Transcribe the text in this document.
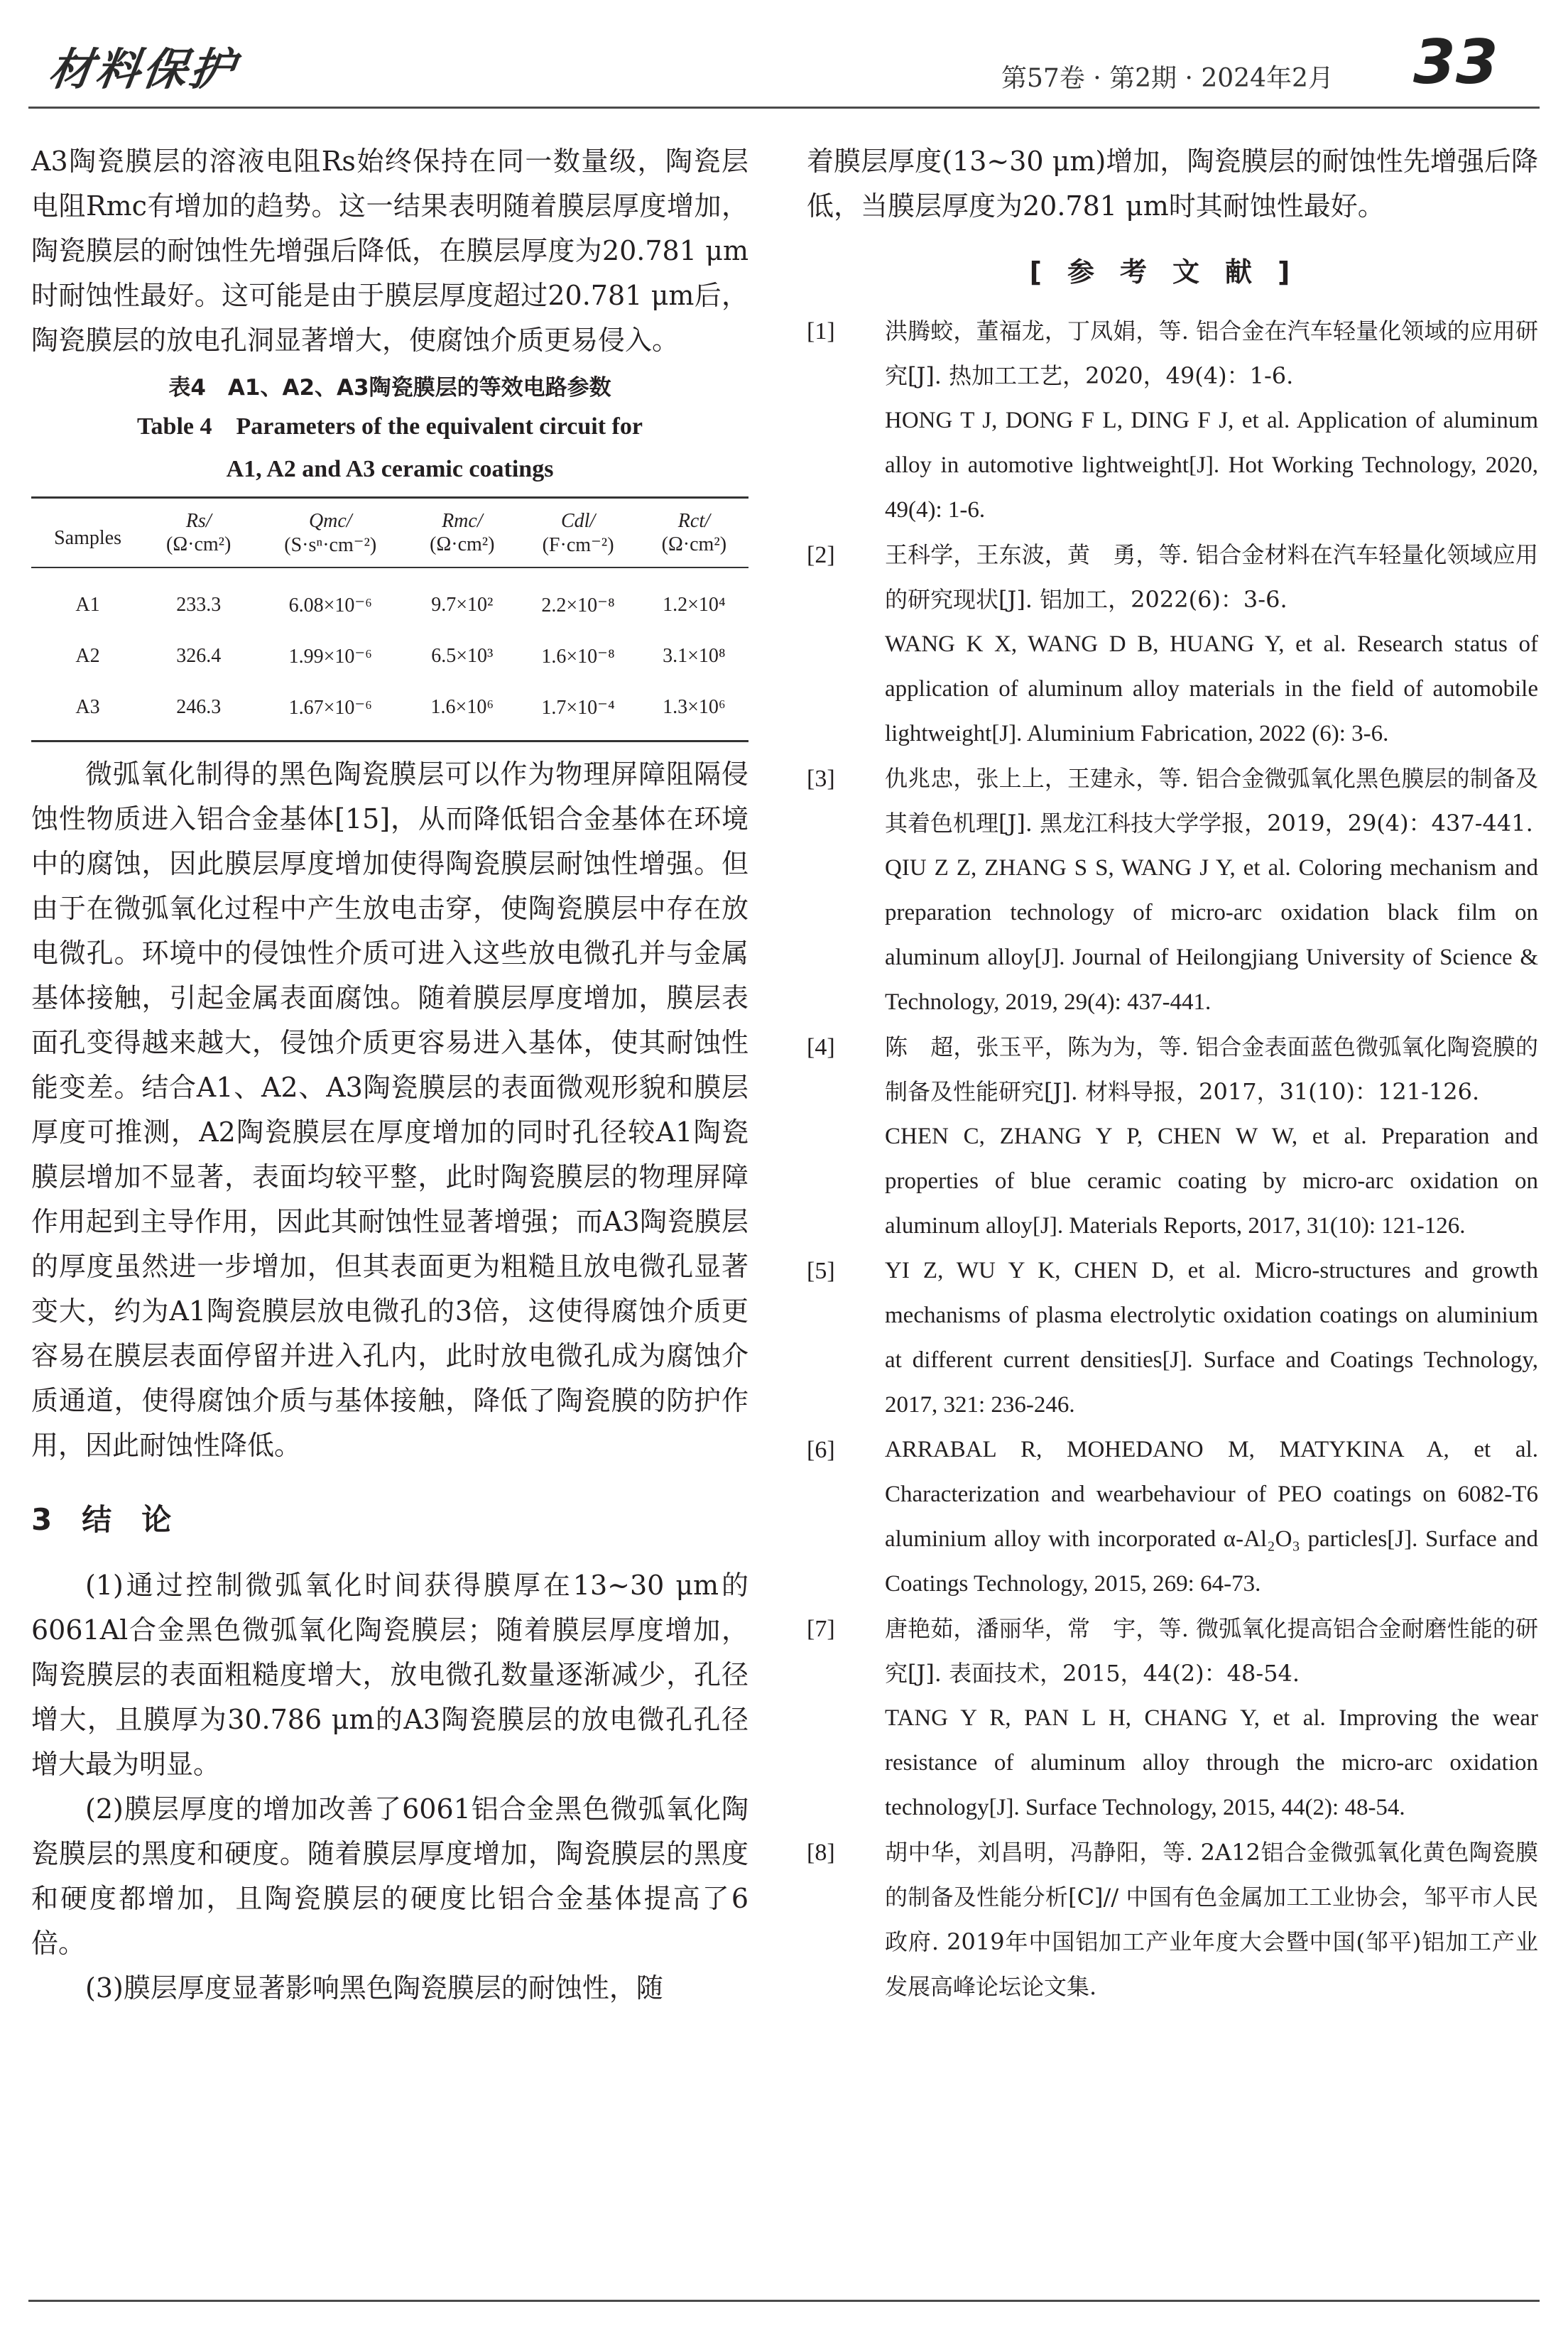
材料保护	第57卷 · 第2期 · 2024年2月 33

A3陶瓷膜层的溶液电阻Rs始终保持在同一数量级，陶瓷层电阻Rmc有增加的趋势。这一结果表明随着膜层厚度增加，陶瓷膜层的耐蚀性先增强后降低，在膜层厚度为20.781 μm时耐蚀性最好。这可能是由于膜层厚度超过20.781 μm后，陶瓷膜层的放电孔洞显著增大，使腐蚀介质更易侵入。

表4　A1、A2、A3陶瓷膜层的等效电路参数
Table 4　Parameters of the equivalent circuit for
A1, A2 and A3 ceramic coatings
Samples	Rs/	Qmc/	Rmc/	Cdl/	Rct/
	(Ω·cm²)	(S·sⁿ·cm⁻²)	(Ω·cm²)	(F·cm⁻²)	(Ω·cm²)
A1	233.3	6.08×10⁻⁶	9.7×10²	2.2×10⁻⁸	1.2×10⁴
A2	326.4	1.99×10⁻⁶	6.5×10³	1.6×10⁻⁸	3.1×10⁸
A3	246.3	1.67×10⁻⁶	1.6×10⁶	1.7×10⁻⁴	1.3×10⁶

微弧氧化制得的黑色陶瓷膜层可以作为物理屏障阻隔侵蚀性物质进入铝合金基体[15]，从而降低铝合金基体在环境中的腐蚀，因此膜层厚度增加使得陶瓷膜层耐蚀性增强。但由于在微弧氧化过程中产生放电击穿，使陶瓷膜层中存在放电微孔。环境中的侵蚀性介质可进入这些放电微孔并与金属基体接触，引起金属表面腐蚀。随着膜层厚度增加，膜层表面孔变得越来越大，侵蚀介质更容易进入基体，使其耐蚀性能变差。结合A1、A2、A3陶瓷膜层的表面微观形貌和膜层厚度可推测，A2陶瓷膜层在厚度增加的同时孔径较A1陶瓷膜层增加不显著，表面均较平整，此时陶瓷膜层的物理屏障作用起到主导作用，因此其耐蚀性显著增强；而A3陶瓷膜层的厚度虽然进一步增加，但其表面更为粗糙且放电微孔显著变大，约为A1陶瓷膜层放电微孔的3倍，这使得腐蚀介质更容易在膜层表面停留并进入孔内，此时放电微孔成为腐蚀介质通道，使得腐蚀介质与基体接触，降低了陶瓷膜的防护作用，因此耐蚀性降低。

3　结　论

(1)通过控制微弧氧化时间获得膜厚在13~30 μm的6061Al合金黑色微弧氧化陶瓷膜层；随着膜层厚度增加，陶瓷膜层的表面粗糙度增大，放电微孔数量逐渐减少，孔径增大，且膜厚为30.786 μm的A3陶瓷膜层的放电微孔孔径增大最为明显。

(2)膜层厚度的增加改善了6061铝合金黑色微弧氧化陶瓷膜层的黑度和硬度。随着膜层厚度增加，陶瓷膜层的黑度和硬度都增加，且陶瓷膜层的硬度比铝合金基体提高了6倍。

(3)膜层厚度显著影响黑色陶瓷膜层的耐蚀性，随

着膜层厚度(13~30 μm)增加，陶瓷膜层的耐蚀性先增强后降低，当膜层厚度为20.781 μm时其耐蚀性最好。

[参考文献]
[1]	洪腾蛟，董福龙，丁凤娟，等. 铝合金在汽车轻量化领域的应用研究[J]. 热加工工艺，2020，49(4)：1-6.
HONG T J, DONG F L, DING F J, et al. Application of aluminum alloy in automotive lightweight[J]. Hot Working Technology, 2020, 49(4): 1-6.
[2]	王科学，王东波，黄　勇，等. 铝合金材料在汽车轻量化领域应用的研究现状[J]. 铝加工，2022(6)：3-6.
WANG K X, WANG D B, HUANG Y, et al. Research status of application of aluminum alloy materials in the field of automobile lightweight[J]. Aluminium Fabrication, 2022 (6): 3-6.
[3]	仇兆忠，张上上，王建永，等. 铝合金微弧氧化黑色膜层的制备及其着色机理[J]. 黑龙江科技大学学报，2019，29(4)：437-441.
QIU Z Z, ZHANG S S, WANG J Y, et al. Coloring mechanism and preparation technology of micro-arc oxidation black film on aluminum alloy[J]. Journal of Heilongjiang University of Science & Technology, 2019, 29(4): 437-441.
[4]	陈　超，张玉平，陈为为，等. 铝合金表面蓝色微弧氧化陶瓷膜的制备及性能研究[J]. 材料导报，2017，31(10)：121-126.
CHEN C, ZHANG Y P, CHEN W W, et al. Preparation and properties of blue ceramic coating by micro-arc oxidation on aluminum alloy[J]. Materials Reports, 2017, 31(10): 121-126.
[5]	YI Z, WU Y K, CHEN D, et al. Micro-structures and growth mechanisms of plasma electrolytic oxidation coatings on aluminium at different current densities[J]. Surface and Coatings Technology, 2017, 321: 236-246.
[6]	ARRABAL R, MOHEDANO M, MATYKINA A, et al. Characterization and wearbehaviour of PEO coatings on 6082-T6 aluminium alloy with incorporated α-Al₂O₃ particles[J]. Surface and Coatings Technology, 2015, 269: 64-73.
[7]	唐艳茹，潘丽华，常　宇，等. 微弧氧化提高铝合金耐磨性能的研究[J]. 表面技术，2015，44(2)：48-54.
TANG Y R, PAN L H, CHANG Y, et al. Improving the wear resistance of aluminum alloy through the micro-arc oxidation technology[J]. Surface Technology, 2015, 44(2): 48-54.
[8]	胡中华，刘昌明，冯静阳，等. 2A12铝合金微弧氧化黄色陶瓷膜的制备及性能分析[C]// 中国有色金属加工工业协会，邹平市人民政府. 2019年中国铝加工产业年度大会暨中国(邹平)铝加工产业发展高峰论坛论文集.
